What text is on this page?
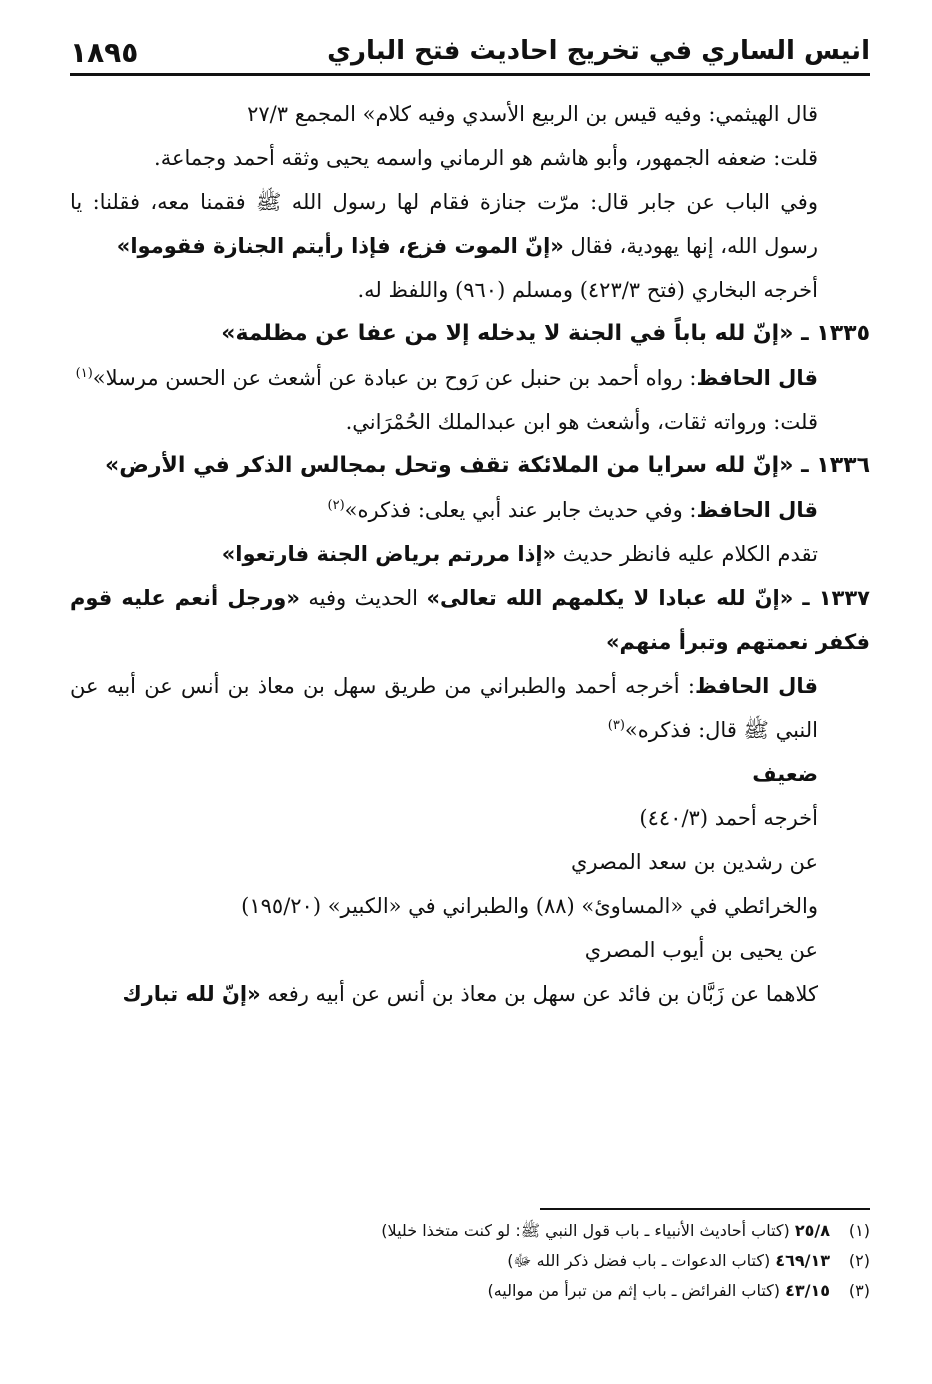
انيس الساري في تخريج احاديث فتح الباري
١٨٩٥

قال الهيثمي: وفيه قيس بن الربيع الأسدي وفيه كلام» المجمع ٢٧/٣

قلت: ضعفه الجمهور، وأبو هاشم هو الرماني واسمه يحيى وثقه أحمد وجماعة.

وفي الباب عن جابر قال: مرّت جنازة فقام لها رسول الله ﷺ فقمنا معه، فقلنا: يا رسول الله، إنها يهودية، فقال «إنّ الموت فزع، فإذا رأيتم الجنازة فقوموا»

أخرجه البخاري (فتح ٤٢٣/٣) ومسلم (٩٦٠) واللفظ له.

١٣٣٥ ـ «إنّ لله باباً في الجنة لا يدخله إلا من عفا عن مظلمة»

قال الحافظ: رواه أحمد بن حنبل عن رَوح بن عبادة عن أشعث عن الحسن مرسلا»$^{(١)}$

قلت: ورواته ثقات، وأشعث هو ابن عبدالملك الحُمْرَاني.

١٣٣٦ ـ «إنّ لله سرايا من الملائكة تقف وتحل بمجالس الذكر في الأرض»

قال الحافظ: وفي حديث جابر عند أبي يعلى: فذكره»$^{(٢)}$

تقدم الكلام عليه فانظر حديث «إذا مررتم برياض الجنة فارتعوا»

١٣٣٧ ـ «إنّ لله عبادا لا يكلمهم الله تعالى» الحديث وفيه «ورجل أنعم عليه قوم فكفر نعمتهم وتبرأ منهم»

قال الحافظ: أخرجه أحمد والطبراني من طريق سهل بن معاذ بن أنس عن أبيه عن النبي ﷺ قال: فذكره»$^{(٣)}$

ضعيف

أخرجه أحمد (٤٤٠/٣)

عن رشدين بن سعد المصري

والخرائطي في «المساوئ» (٨٨) والطبراني في «الكبير» (١٩٥/٢٠)

عن يحيى بن أيوب المصري

كلاهما عن زَبَّان بن فائد عن سهل بن معاذ بن أنس عن أبيه رفعه «إنّ لله تبارك

(١)٢٥/٨ (كتاب أحاديث الأنبياء ـ باب قول النبي ﷺ: لو كنت متخذا خليلا)

(٢)٤٦٩/١٣ (كتاب الدعوات ـ باب فضل ذكر الله ﷻ)

(٣)٤٣/١٥ (كتاب الفرائض ـ باب إثم من تبرأ من مواليه)
